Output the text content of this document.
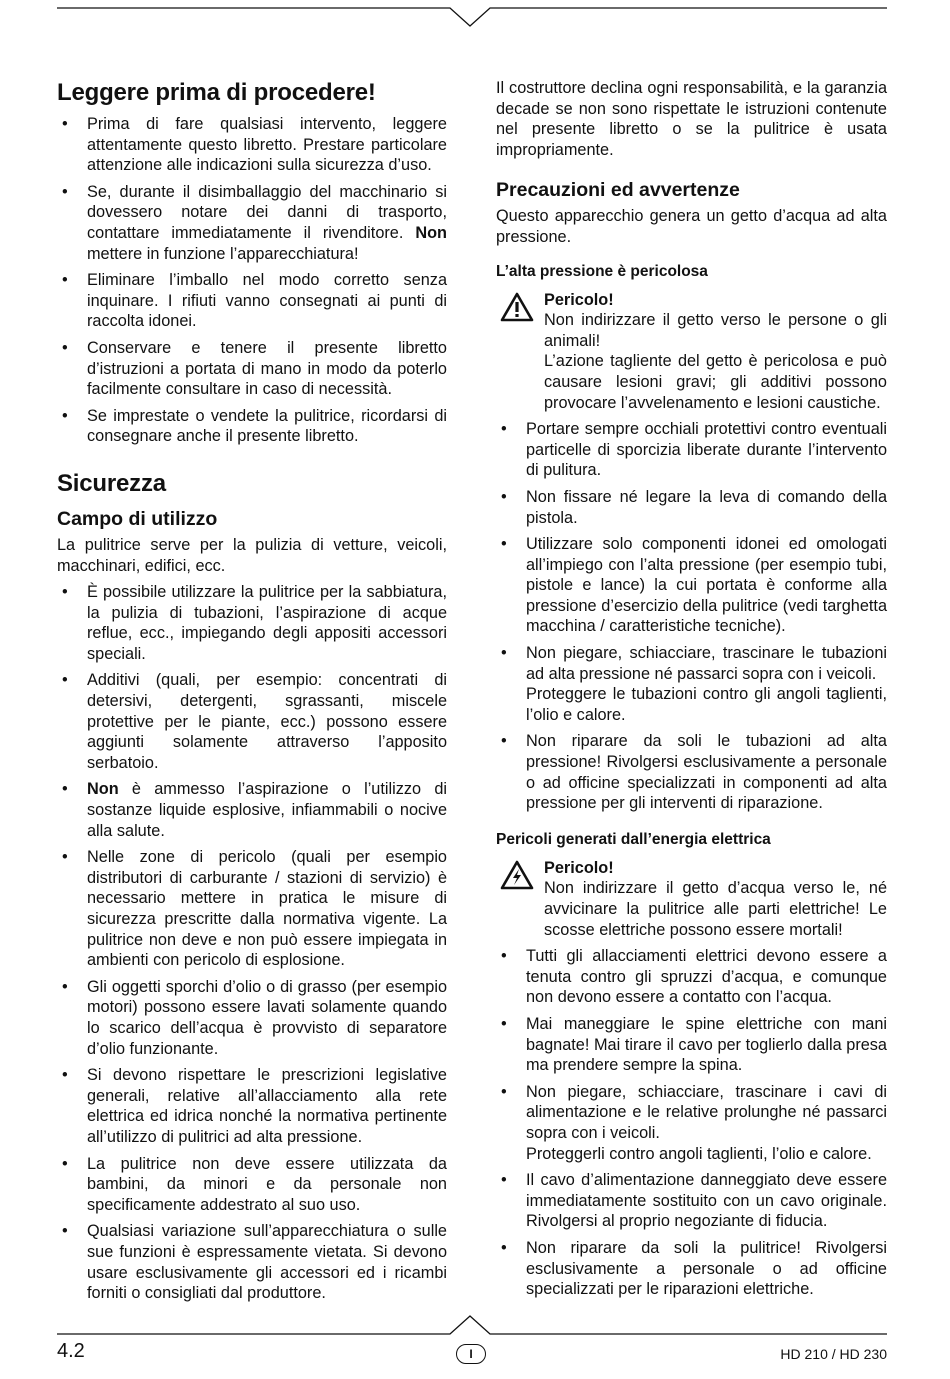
Leggere prima di procedere!
• Prima di fare qualsiasi intervento, leggere attentamente questo libretto. Prestare particolare attenzione alle indicazioni sulla sicurezza d’uso.
• Se, durante il disimballaggio del macchinario si dovessero notare dei danni di trasporto, contattare immediatamente il rivenditore. Non mettere in funzione l’apparecchiatura!
• Eliminare l’imballo nel modo corretto senza inquinare. I rifiuti vanno consegnati ai punti di raccolta idonei.
• Conservare e tenere il presente libretto d’istruzioni a portata di mano in modo da poterlo facilmente consultare in caso di necessità.
• Se imprestate o vendete la pulitrice, ricordarsi di consegnare anche il presente libretto.
Sicurezza
Campo di utilizzo

La pulitrice serve per la pulizia di vetture, veicoli, macchinari, edifici, ecc.

• È possibile utilizzare la pulitrice per la sabbiatura, la pulizia di tubazioni, l’aspirazione di acque reflue, ecc., impiegando degli appositi accessori speciali.
• Additivi (quali, per esempio: concentrati di detersivi, detergenti, sgrassanti, miscele protettive per le piante, ecc.) possono essere aggiunti solamente attraverso l’apposito serbatoio.
• Non è ammesso l’aspirazione o l’utilizzo di sostanze liquide esplosive, infiammabili o nocive alla salute.
• Nelle zone di pericolo (quali per esempio distributori di carburante / stazioni di servizio) è necessario mettere in pratica le misure di sicurezza prescritte dalla normativa vigente. La pulitrice non deve e non può essere impiegata in ambienti con pericolo di esplosione.
• Gli oggetti sporchi d’olio o di grasso (per esempio motori) possono essere lavati solamente quando lo scarico dell’acqua è provvisto di separatore d’olio funzionante.
• Si devono rispettare le prescrizioni legislative generali, relative all’allacciamento alla rete elettrica ed idrica nonché la normativa pertinente all’utilizzo di pulitrici ad alta pressione.
• La pulitrice non deve essere utilizzata da bambini, da minori e da personale non specificamente addestrato al suo uso.
• Qualsiasi variazione sull’apparecchiatura o sulle sue funzioni è espressamente vietata. Si devono usare esclusivamente gli accessori ed i ricambi forniti o consigliati dal produttore.

Il costruttore declina ogni responsabilità, e la garanzia decade se non sono rispettate le istruzioni contenute nel presente libretto o se la pulitrice è usata impropriamente.

Precauzioni ed avvertenze

Questo apparecchio genera un getto d’acqua ad alta pressione.

L’alta pressione è pericolosa
Pericolo!

Non indirizzare il getto verso le persone o gli animali!

L’azione tagliente del getto è pericolosa e può causare lesioni gravi; gli additivi possono provocare l’avvelenamento e lesioni caustiche.

• Portare sempre occhiali protettivi contro eventuali particelle di sporcizia liberate durante l’intervento di pulitura.
• Non fissare né legare la leva di comando della pistola.
• Utilizzare solo componenti idonei ed omologati all’impiego con l’alta pressione (per esempio tubi, pistole e lance) la cui portata è conforme alla pressione d’esercizio della pulitrice (vedi targhetta macchina / caratteristiche tecniche).
• Non piegare, schiacciare, trascinare le tubazioni ad alta pressione né passarci sopra con i veicoli.
Proteggere le tubazioni contro gli angoli taglienti, l’olio e calore.
• Non riparare da soli le tubazioni ad alta pressione! Rivolgersi esclusivamente a personale o ad officine specializzati in componenti ad alta pressione per gli interventi di riparazione.
Pericoli generati dall’energia elettrica
Pericolo!

Non indirizzare il getto d’acqua verso le, né avvicinare la pulitrice alle parti elettriche! Le scosse elettriche possono essere mortali!

• Tutti gli allacciamenti elettrici devono essere a tenuta contro gli spruzzi d’acqua, e comunque non devono essere a contatto con l’acqua.
• Mai maneggiare le spine elettriche con mani bagnate! Mai tirare il cavo per toglierlo dalla presa ma prendere sempre la spina.
• Non piegare, schiacciare, trascinare i cavi di alimentazione e le relative prolunghe né passarci sopra con i veicoli.
Proteggerli contro angoli taglienti, l’olio e calore.
• Il cavo d’alimentazione danneggiato deve essere immediatamente sostituito con un cavo originale. Rivolgersi al proprio negoziante di fiducia.
• Non riparare da soli la pulitrice! Rivolgersi esclusivamente a personale o ad officine specializzati per le riparazioni elettriche.
4.2	I	HD 210 / HD 230
